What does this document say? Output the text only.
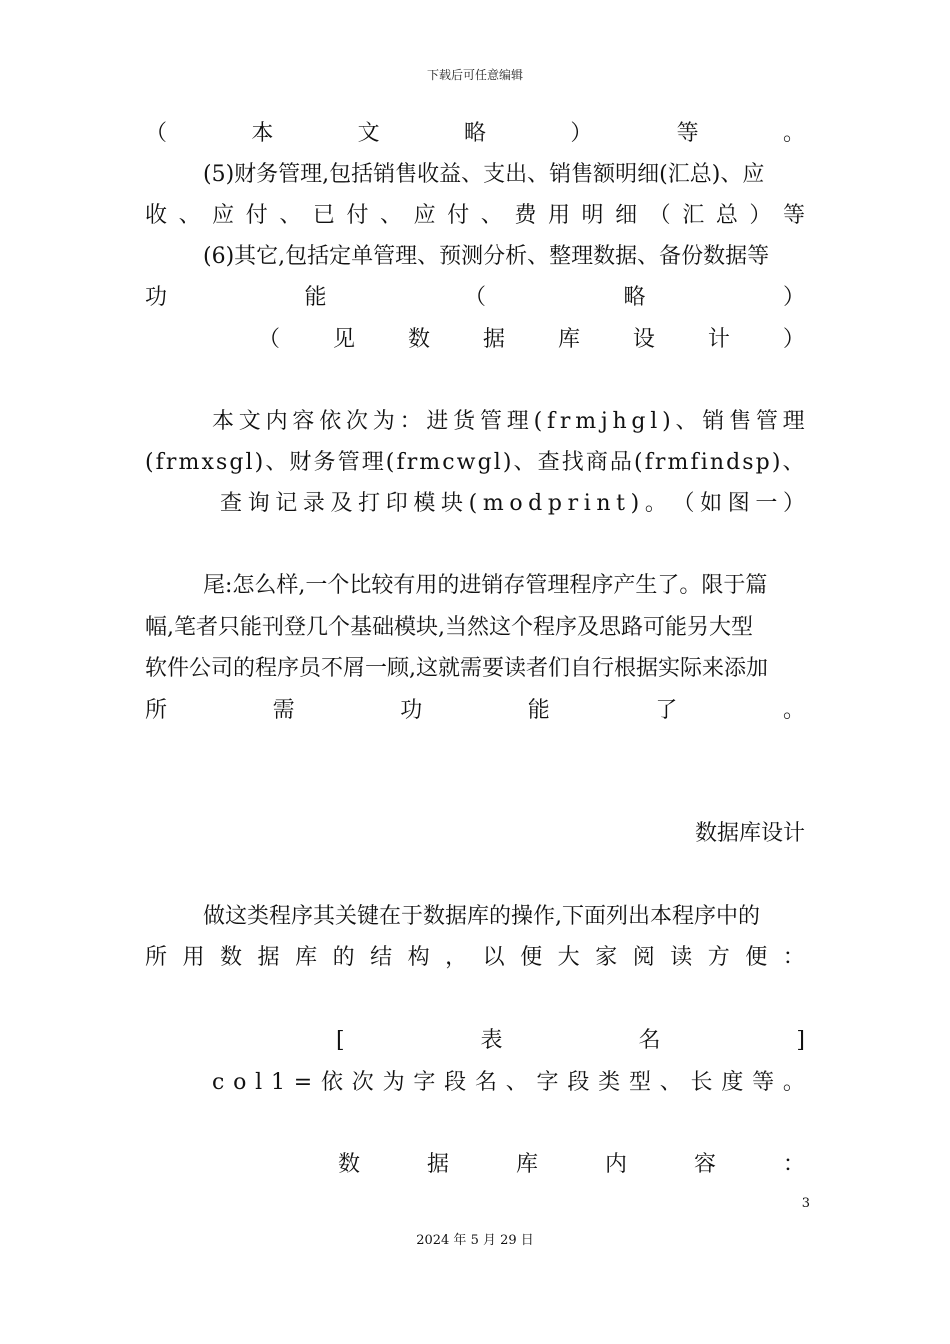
下载后可任意编辑
（	本	文	略	）	等	。
(5)财务管理,包括销售收益、支出、销售额明细(汇总)、应
收 、 应 付 、 已 付 、 应 付 、 费 用 明 细 （ 汇 总 ） 等
(6)其它,包括定单管理、预测分析、整理数据、备份数据等
功	能	（	略	）
（ 见 数 据 库 设 计 ）
本 文 内 容 依 次 为 ： 进 货 管 理 ( f r m j h g l ) 、 销 售 管 理
( f r m x s g l ) 、 财 务 管 理 ( f r m c w g l ) 、 查 找 商 品 ( f r m f i n d s p ) 、
查 询 记 录 及 打 印 模 块 ( m o d p r i n t ) 。 （ 如 图 一 ）
尾:怎么样,一个比较有用的进销存管理程序产生了。限于篇
幅,笔者只能刊登几个基础模块,当然这个程序及思路可能另大型
软件公司的程序员不屑一顾,这就需要读者们自行根据实际来添加
所	需	功	能	了	。
数据库设计
做这类程序其关键在于数据库的操作,下面列出本程序中的
所 用 数 据 库 的 结 构 ， 以 便 大 家 阅 读 方 便 ：
[	表	名	]
c o l 1 = 依 次 为 字 段 名 、 字 段 类 型 、 长 度 等 。
数	据	库	内	容	：
3
2024 年 5 月 29 日
